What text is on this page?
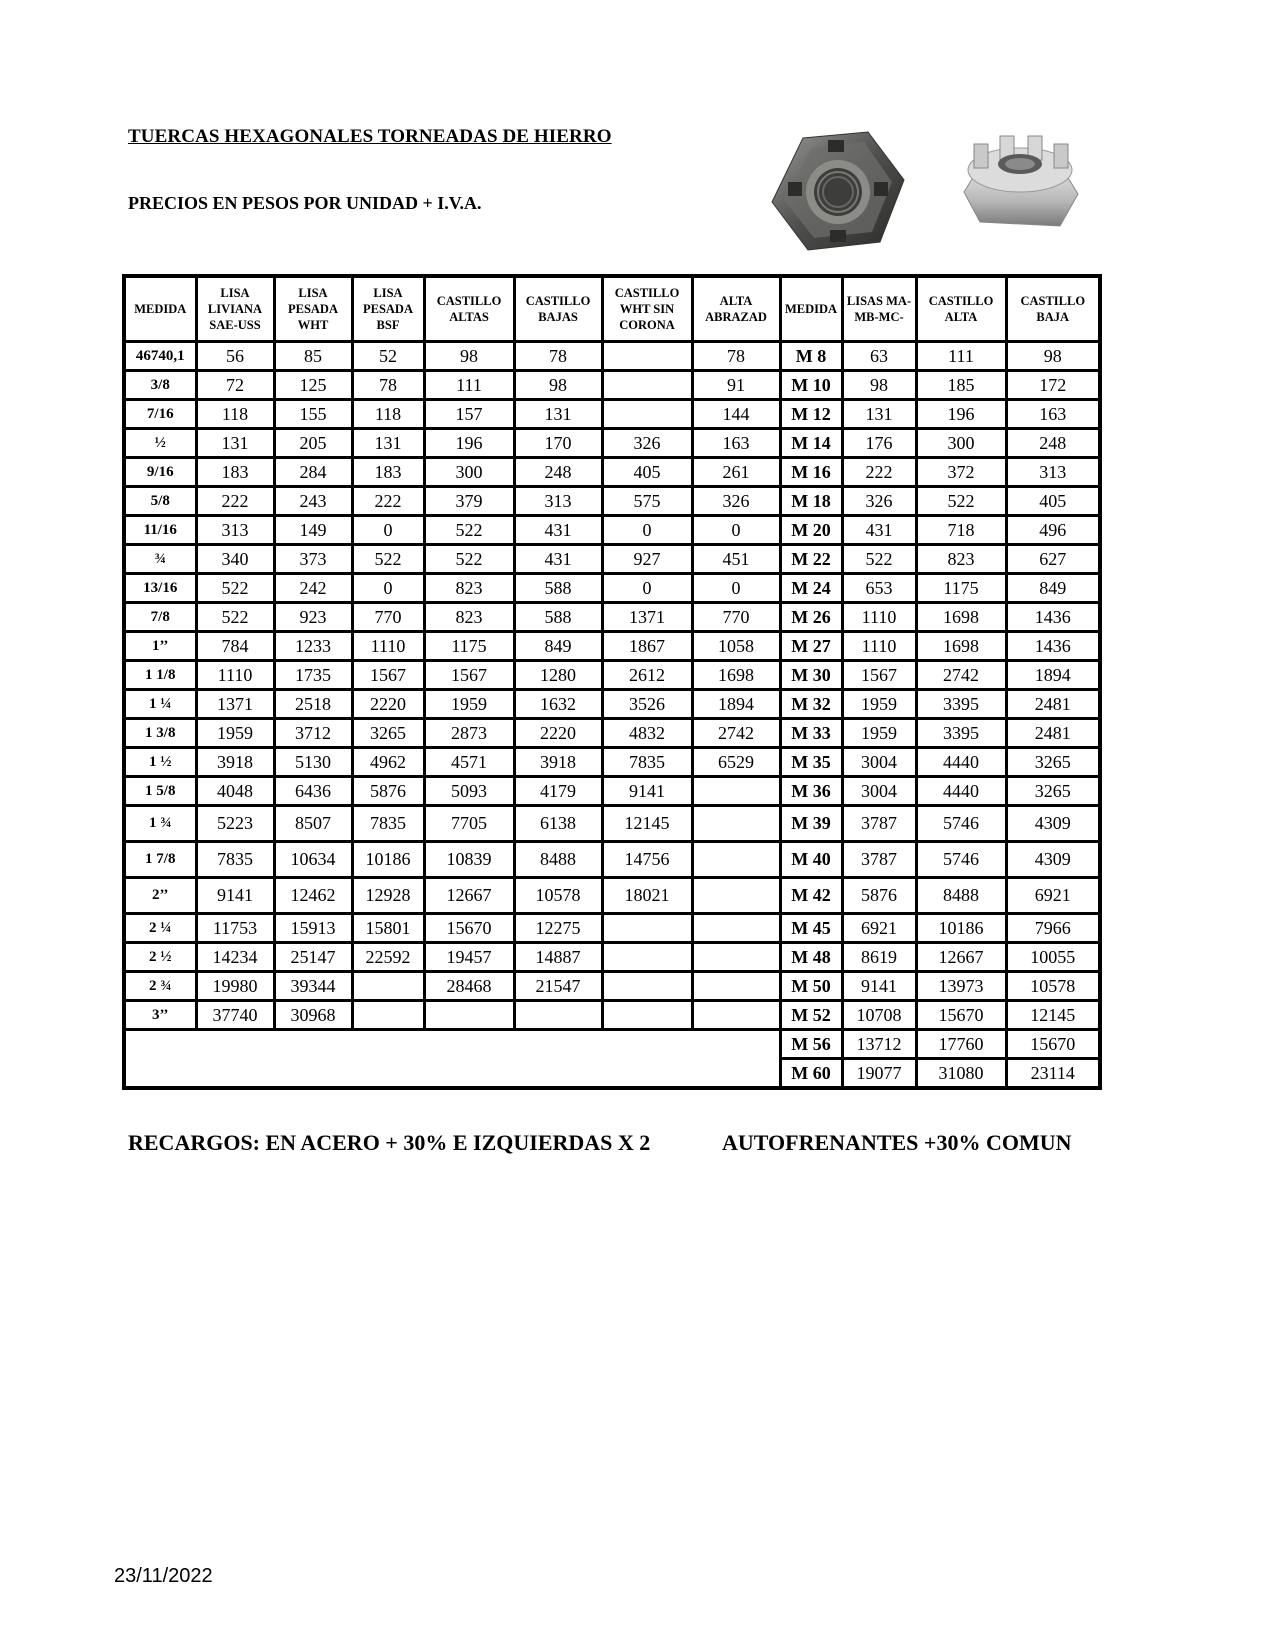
TUERCAS HEXAGONALES TORNEADAS DE HIERRO
PRECIOS EN PESOS POR UNIDAD + I.V.A.
MEDIDA	LISA LIVIANA SAE-USS	LISA PESADA WHT	LISA PESADA BSF	CASTILLO ALTAS	CASTILLO BAJAS	CASTILLO WHT SIN CORONA	ALTA ABRAZAD	MEDIDA	LISAS MA-MB-MC-	CASTILLO ALTA	CASTILLO BAJA
46740,1	56	85	52	98	78		78	M 8	63	111	98
3/8	72	125	78	111	98		91	M 10	98	185	172
7/16	118	155	118	157	131		144	M 12	131	196	163
½	131	205	131	196	170	326	163	M 14	176	300	248
9/16	183	284	183	300	248	405	261	M 16	222	372	313
5/8	222	243	222	379	313	575	326	M 18	326	522	405
11/16	313	149	0	522	431	0	0	M 20	431	718	496
¾	340	373	522	522	431	927	451	M 22	522	823	627
13/16	522	242	0	823	588	0	0	M 24	653	1175	849
7/8	522	923	770	823	588	1371	770	M 26	1110	1698	1436
1’’	784	1233	1110	1175	849	1867	1058	M 27	1110	1698	1436
1 1/8	1110	1735	1567	1567	1280	2612	1698	M 30	1567	2742	1894
1 ¼	1371	2518	2220	1959	1632	3526	1894	M 32	1959	3395	2481
1 3/8	1959	3712	3265	2873	2220	4832	2742	M 33	1959	3395	2481
1 ½	3918	5130	4962	4571	3918	7835	6529	M 35	3004	4440	3265
1 5/8	4048	6436	5876	5093	4179	9141		M 36	3004	4440	3265
1 ¾	5223	8507	7835	7705	6138	12145		M 39	3787	5746	4309
1 7/8	7835	10634	10186	10839	8488	14756		M 40	3787	5746	4309
2’’	9141	12462	12928	12667	10578	18021		M 42	5876	8488	6921
2 ¼	11753	15913	15801	15670	12275			M 45	6921	10186	7966
2 ½	14234	25147	22592	19457	14887			M 48	8619	12667	10055
2 ¾	19980	39344		28468	21547			M 50	9141	13973	10578
3’’	37740	30968						M 52	10708	15670	12145
								M 56	13712	17760	15670
								M 60	19077	31080	23114
RECARGOS: EN ACERO + 30% E IZQUIERDAS X 2	AUTOFRENANTES +30% COMUN
23/11/2022
